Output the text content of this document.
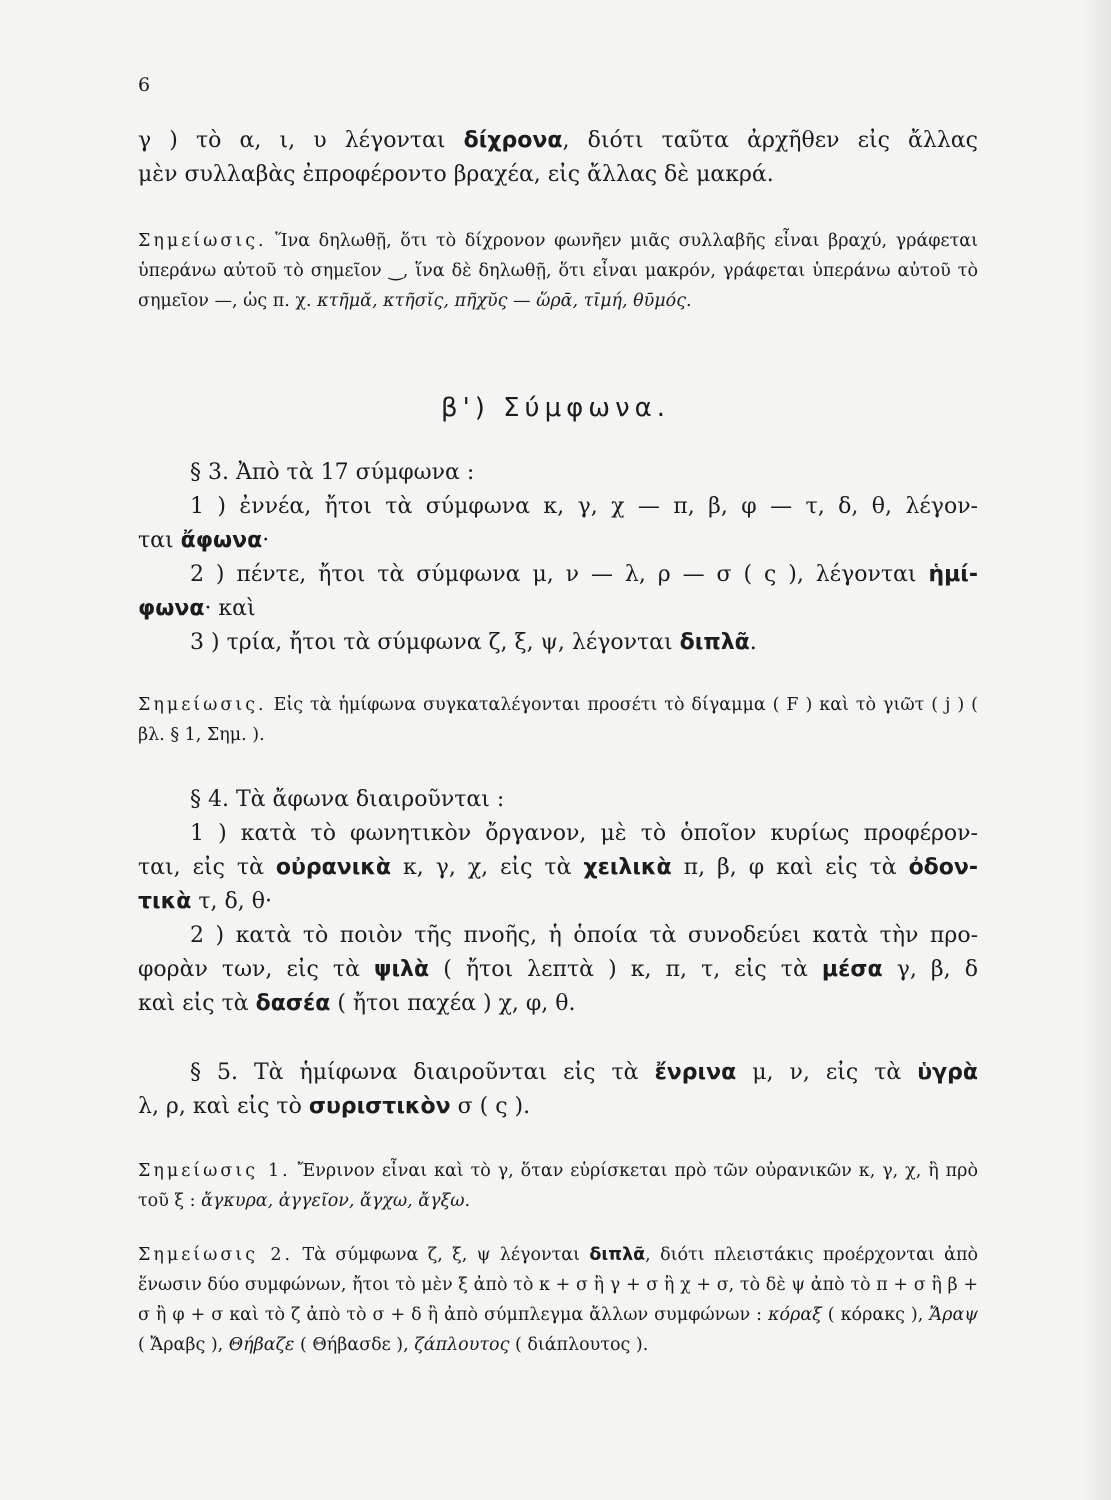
6
γ ) τὸ α, ι, υ λέγονται δίχρονα, διότι ταῦτα ἀρχῆθεν εἰς ἄλλας
μὲν συλλαβὰς ἐπροφέροντο βραχέα, εἰς ἄλλας δὲ μακρά.
Σημείωσις. Ἵνα δηλωθῇ, ὅτι τὸ δίχρονον φωνῆεν μιᾶς συλλαβῆς εἶναι βραχύ, γράφεται ὑπεράνω αὐτοῦ τὸ σημεῖον ‿, ἵνα δὲ δηλωθῇ, ὅτι εἶναι μακρόν, γράφεται ὑπεράνω αὐτοῦ τὸ σημεῖον —, ὡς π. χ. κτῆμᾰ, κτῆσῐς, πῆχῠς — ὥρᾱ, τῑμή, θῡμός.
β') Σύμφωνα.
§ 3. Ἀπὸ τὰ 17 σύμφωνα :
1 ) ἐννέα, ἤτοι τὰ σύμφωνα κ, γ, χ — π, β, φ — τ, δ, θ, λέγον-
ται ἄφωνα·
2 ) πέντε, ἤτοι τὰ σύμφωνα μ, ν — λ, ρ — σ ( ς ), λέγονται ἡμί-
φωνα· καὶ
3 ) τρία, ἤτοι τὰ σύμφωνα ζ, ξ, ψ, λέγονται διπλᾶ.
Σημείωσις. Εἰς τὰ ἡμίφωνα συγκαταλέγονται προσέτι τὸ δίγαμμα ( F ) καὶ τὸ γιῶτ ( j ) ( βλ. § 1, Σημ. ).
§ 4. Τὰ ἄφωνα διαιροῦνται :
1 ) κατὰ τὸ φωνητικὸν ὄργανον, μὲ τὸ ὁποῖον κυρίως προφέρον-
ται, εἰς τὰ οὐρανικὰ κ, γ, χ, εἰς τὰ χειλικὰ π, β, φ καὶ εἰς τὰ ὀδον-
τικὰ τ, δ, θ·
2 ) κατὰ τὸ ποιὸν τῆς πνοῆς, ἡ ὁποία τὰ συνοδεύει κατὰ τὴν προ-
φορὰν των, εἰς τὰ ψιλὰ ( ἤτοι λεπτὰ ) κ, π, τ, εἰς τὰ μέσα γ, β, δ
καὶ εἰς τὰ δασέα ( ἤτοι παχέα ) χ, φ, θ.
§ 5. Τὰ ἡμίφωνα διαιροῦνται εἰς τὰ ἔνρινα μ, ν, εἰς τὰ ὑγρὰ
λ, ρ, καὶ εἰς τὸ συριστικὸν σ ( ς ).
Σημείωσις 1. Ἔνρινον εἶναι καὶ τὸ γ, ὅταν εὑρίσκεται πρὸ τῶν οὐρανικῶν κ, γ, χ, ἢ πρὸ τοῦ ξ : ἄγκυρα, ἀγγεῖον, ἄγχω, ἄγξω.
Σημείωσις 2. Τὰ σύμφωνα ζ, ξ, ψ λέγονται διπλᾶ, διότι πλειστάκις προέρχονται ἀπὸ ἕνωσιν δύο συμφώνων, ἤτοι τὸ μὲν ξ ἀπὸ τὸ κ + σ ἢ γ + σ ἢ χ + σ, τὸ δὲ ψ ἀπὸ τὸ π + σ ἢ β + σ ἢ φ + σ καὶ τὸ ζ ἀπὸ τὸ σ + δ ἢ ἀπὸ σύμπλεγμα ἄλλων συμφώνων : κόραξ ( κόρακς ), Ἄραψ ( Ἄραβς ), Θήβαζε ( Θήβασδε ), ζάπλουτος ( διάπλουτος ).
